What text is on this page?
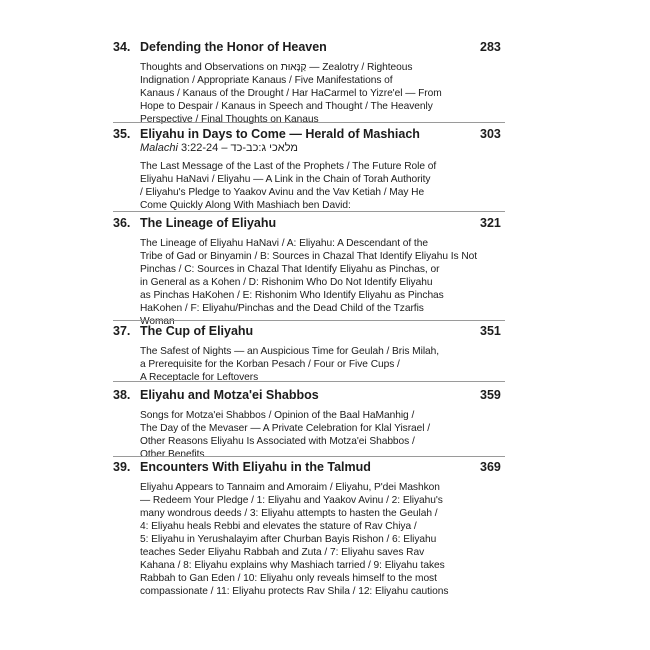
34. Defending the Honor of Heaven	283
Thoughts and Observations on קַנָּאוּת — Zealotry / Righteous
Indignation / Appropriate Kanaus / Five Manifestations of
Kanaus / Kanaus of the Drought / Har HaCarmel to Yizre'el — From
Hope to Despair / Kanaus in Speech and Thought / The Heavenly
Perspective / Final Thoughts on Kanaus
35. Eliyahu in Days to Come — Herald of Mashiach	303
Malachi 3:22-24 – מלאכי ג:כב-כד
The Last Message of the Last of the Prophets / The Future Role of
Eliyahu HaNavi / Eliyahu — A Link in the Chain of Torah Authority
/ Eliyahu's Pledge to Yaakov Avinu and the Vav Ketiah / May He
Come Quickly Along With Mashiach ben David:
36. The Lineage of Eliyahu	321
The Lineage of Eliyahu HaNavi / A: Eliyahu: A Descendant of the
Tribe of Gad or Binyamin / B: Sources in Chazal That Identify Eliyahu Is Not
Pinchas / C: Sources in Chazal That Identify Eliyahu as Pinchas, or
in General as a Kohen / D: Rishonim Who Do Not Identify Eliyahu
as Pinchas HaKohen / E: Rishonim Who Identify Eliyahu as Pinchas
HaKohen / F: Eliyahu/Pinchas and the Dead Child of the Tzarfis
Woman
37. The Cup of Eliyahu	351
The Safest of Nights — an Auspicious Time for Geulah / Bris Milah,
a Prerequisite for the Korban Pesach / Four or Five Cups /
A Receptacle for Leftovers
38. Eliyahu and Motza'ei Shabbos	359
Songs for Motza'ei Shabbos / Opinion of the Baal HaManhig /
The Day of the Mevaser — A Private Celebration for Klal Yisrael /
Other Reasons Eliyahu Is Associated with Motza'ei Shabbos /
Other Benefits
39. Encounters With Eliyahu in the Talmud	369
Eliyahu Appears to Tannaim and Amoraim / Eliyahu, P'dei Mashkon
— Redeem Your Pledge / 1: Eliyahu and Yaakov Avinu / 2: Eliyahu's
many wondrous deeds / 3: Eliyahu attempts to hasten the Geulah /
4: Eliyahu heals Rebbi and elevates the stature of Rav Chiya /
5: Eliyahu in Yerushalayim after Churban Bayis Rishon / 6: Eliyahu
teaches Seder Eliyahu Rabbah and Zuta / 7: Eliyahu saves Rav
Kahana / 8: Eliyahu explains why Mashiach tarried / 9: Eliyahu takes
Rabbah to Gan Eden / 10: Eliyahu only reveals himself to the most
compassionate / 11: Eliyahu protects Rav Shila / 12: Eliyahu cautions
